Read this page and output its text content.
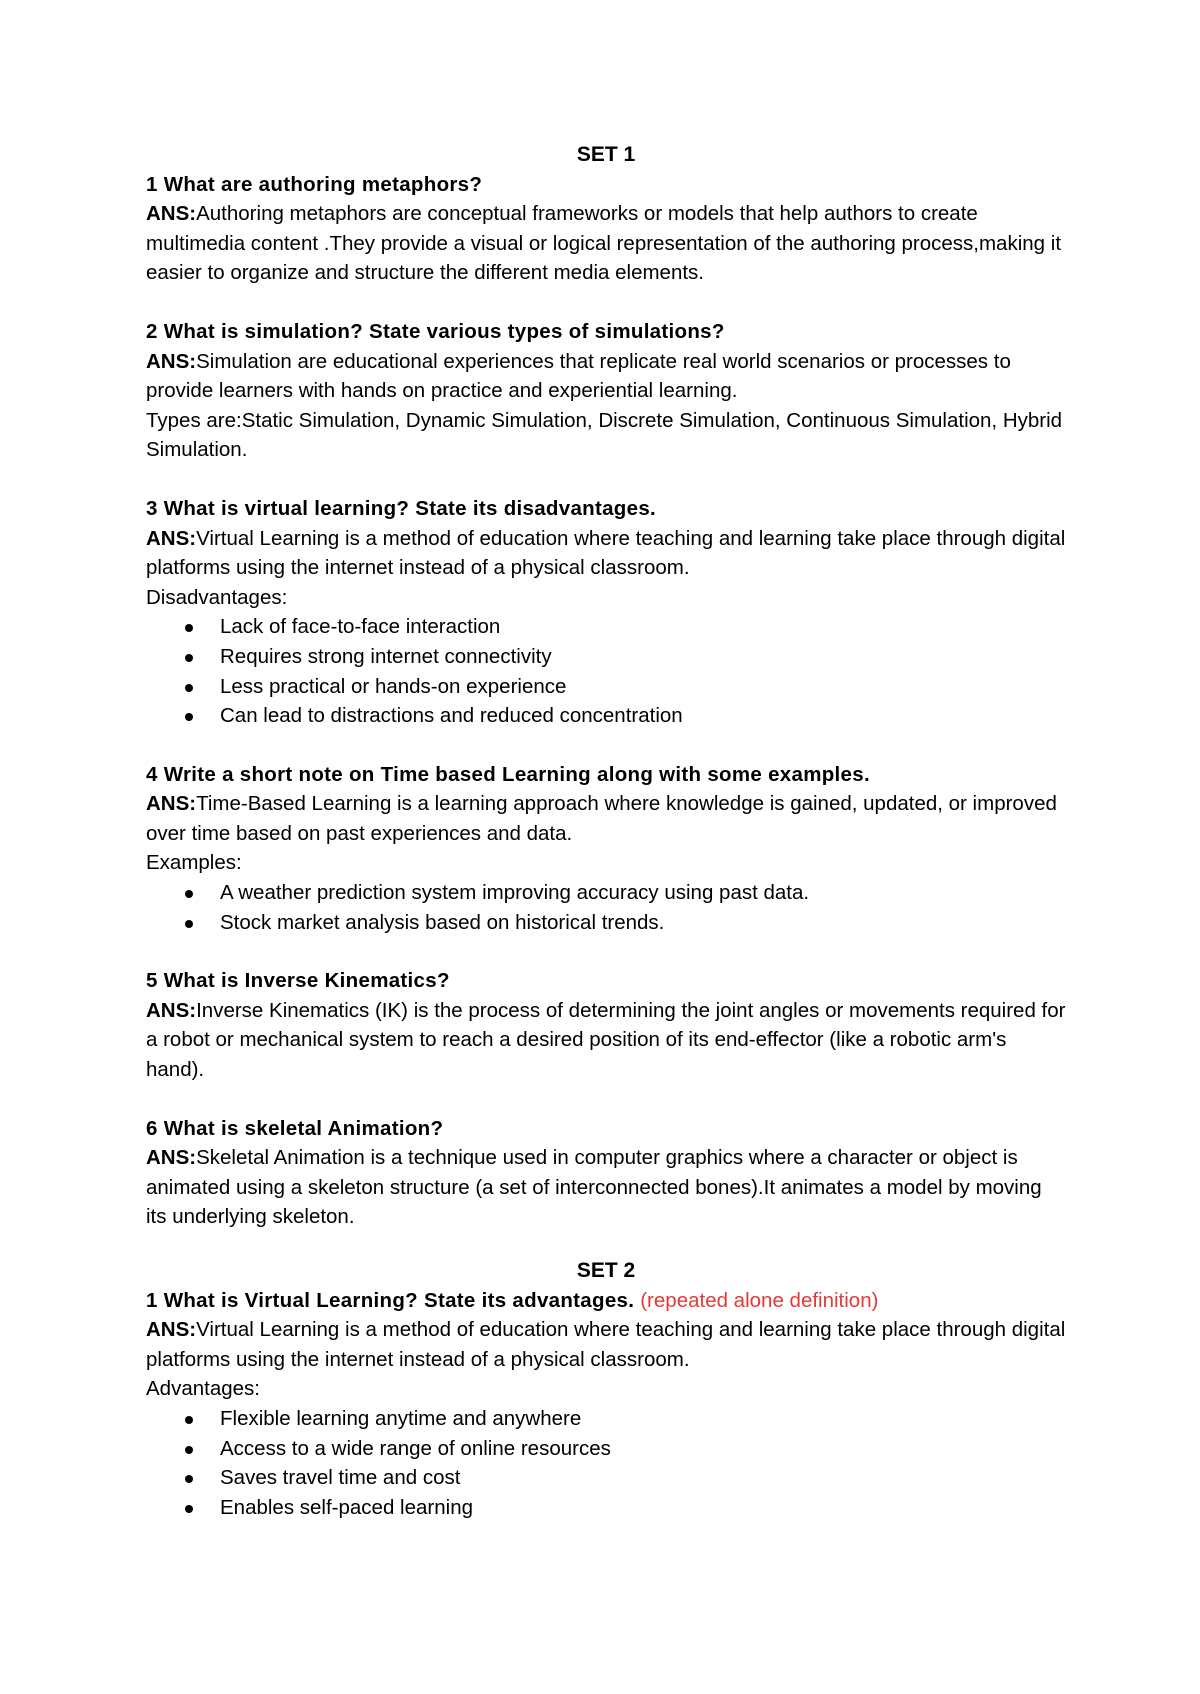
SET 1

1 What are authoring metaphors?

ANS:Authoring metaphors are conceptual frameworks or models that help authors to create multimedia content .They provide a visual or logical representation of the authoring process,making it easier to organize and structure the different media elements.

2 What is simulation? State various types of simulations?

ANS:Simulation are educational experiences that replicate real world scenarios or processes to provide learners with hands on practice and experiential learning.

Types are:Static Simulation, Dynamic Simulation, Discrete Simulation, Continuous Simulation, Hybrid Simulation.

3 What is virtual learning? State its disadvantages.

ANS:Virtual Learning is a method of education where teaching and learning take place through digital platforms using the internet instead of a physical classroom.

Disadvantages:

Lack of face-to-face interaction
Requires strong internet connectivity
Less practical or hands-on experience
Can lead to distractions and reduced concentration

4 Write a short note on Time based Learning along with some examples.

ANS:Time-Based Learning is a learning approach where knowledge is gained, updated, or improved over time based on past experiences and data.

Examples:

A weather prediction system improving accuracy using past data.
Stock market analysis based on historical trends.

5 What is Inverse Kinematics?

ANS:Inverse Kinematics (IK) is the process of determining the joint angles or movements required for a robot or mechanical system to reach a desired position of its end-effector (like a robotic arm's hand).

6 What is skeletal Animation?

ANS:Skeletal Animation is a technique used in computer graphics where a character or object is animated using a skeleton structure (a set of interconnected bones).It animates a model by moving its underlying skeleton.

SET 2

1 What is Virtual Learning? State its advantages. (repeated alone definition)

ANS:Virtual Learning is a method of education where teaching and learning take place through digital platforms using the internet instead of a physical classroom.

Advantages:

Flexible learning anytime and anywhere
Access to a wide range of online resources
Saves travel time and cost
Enables self-paced learning
